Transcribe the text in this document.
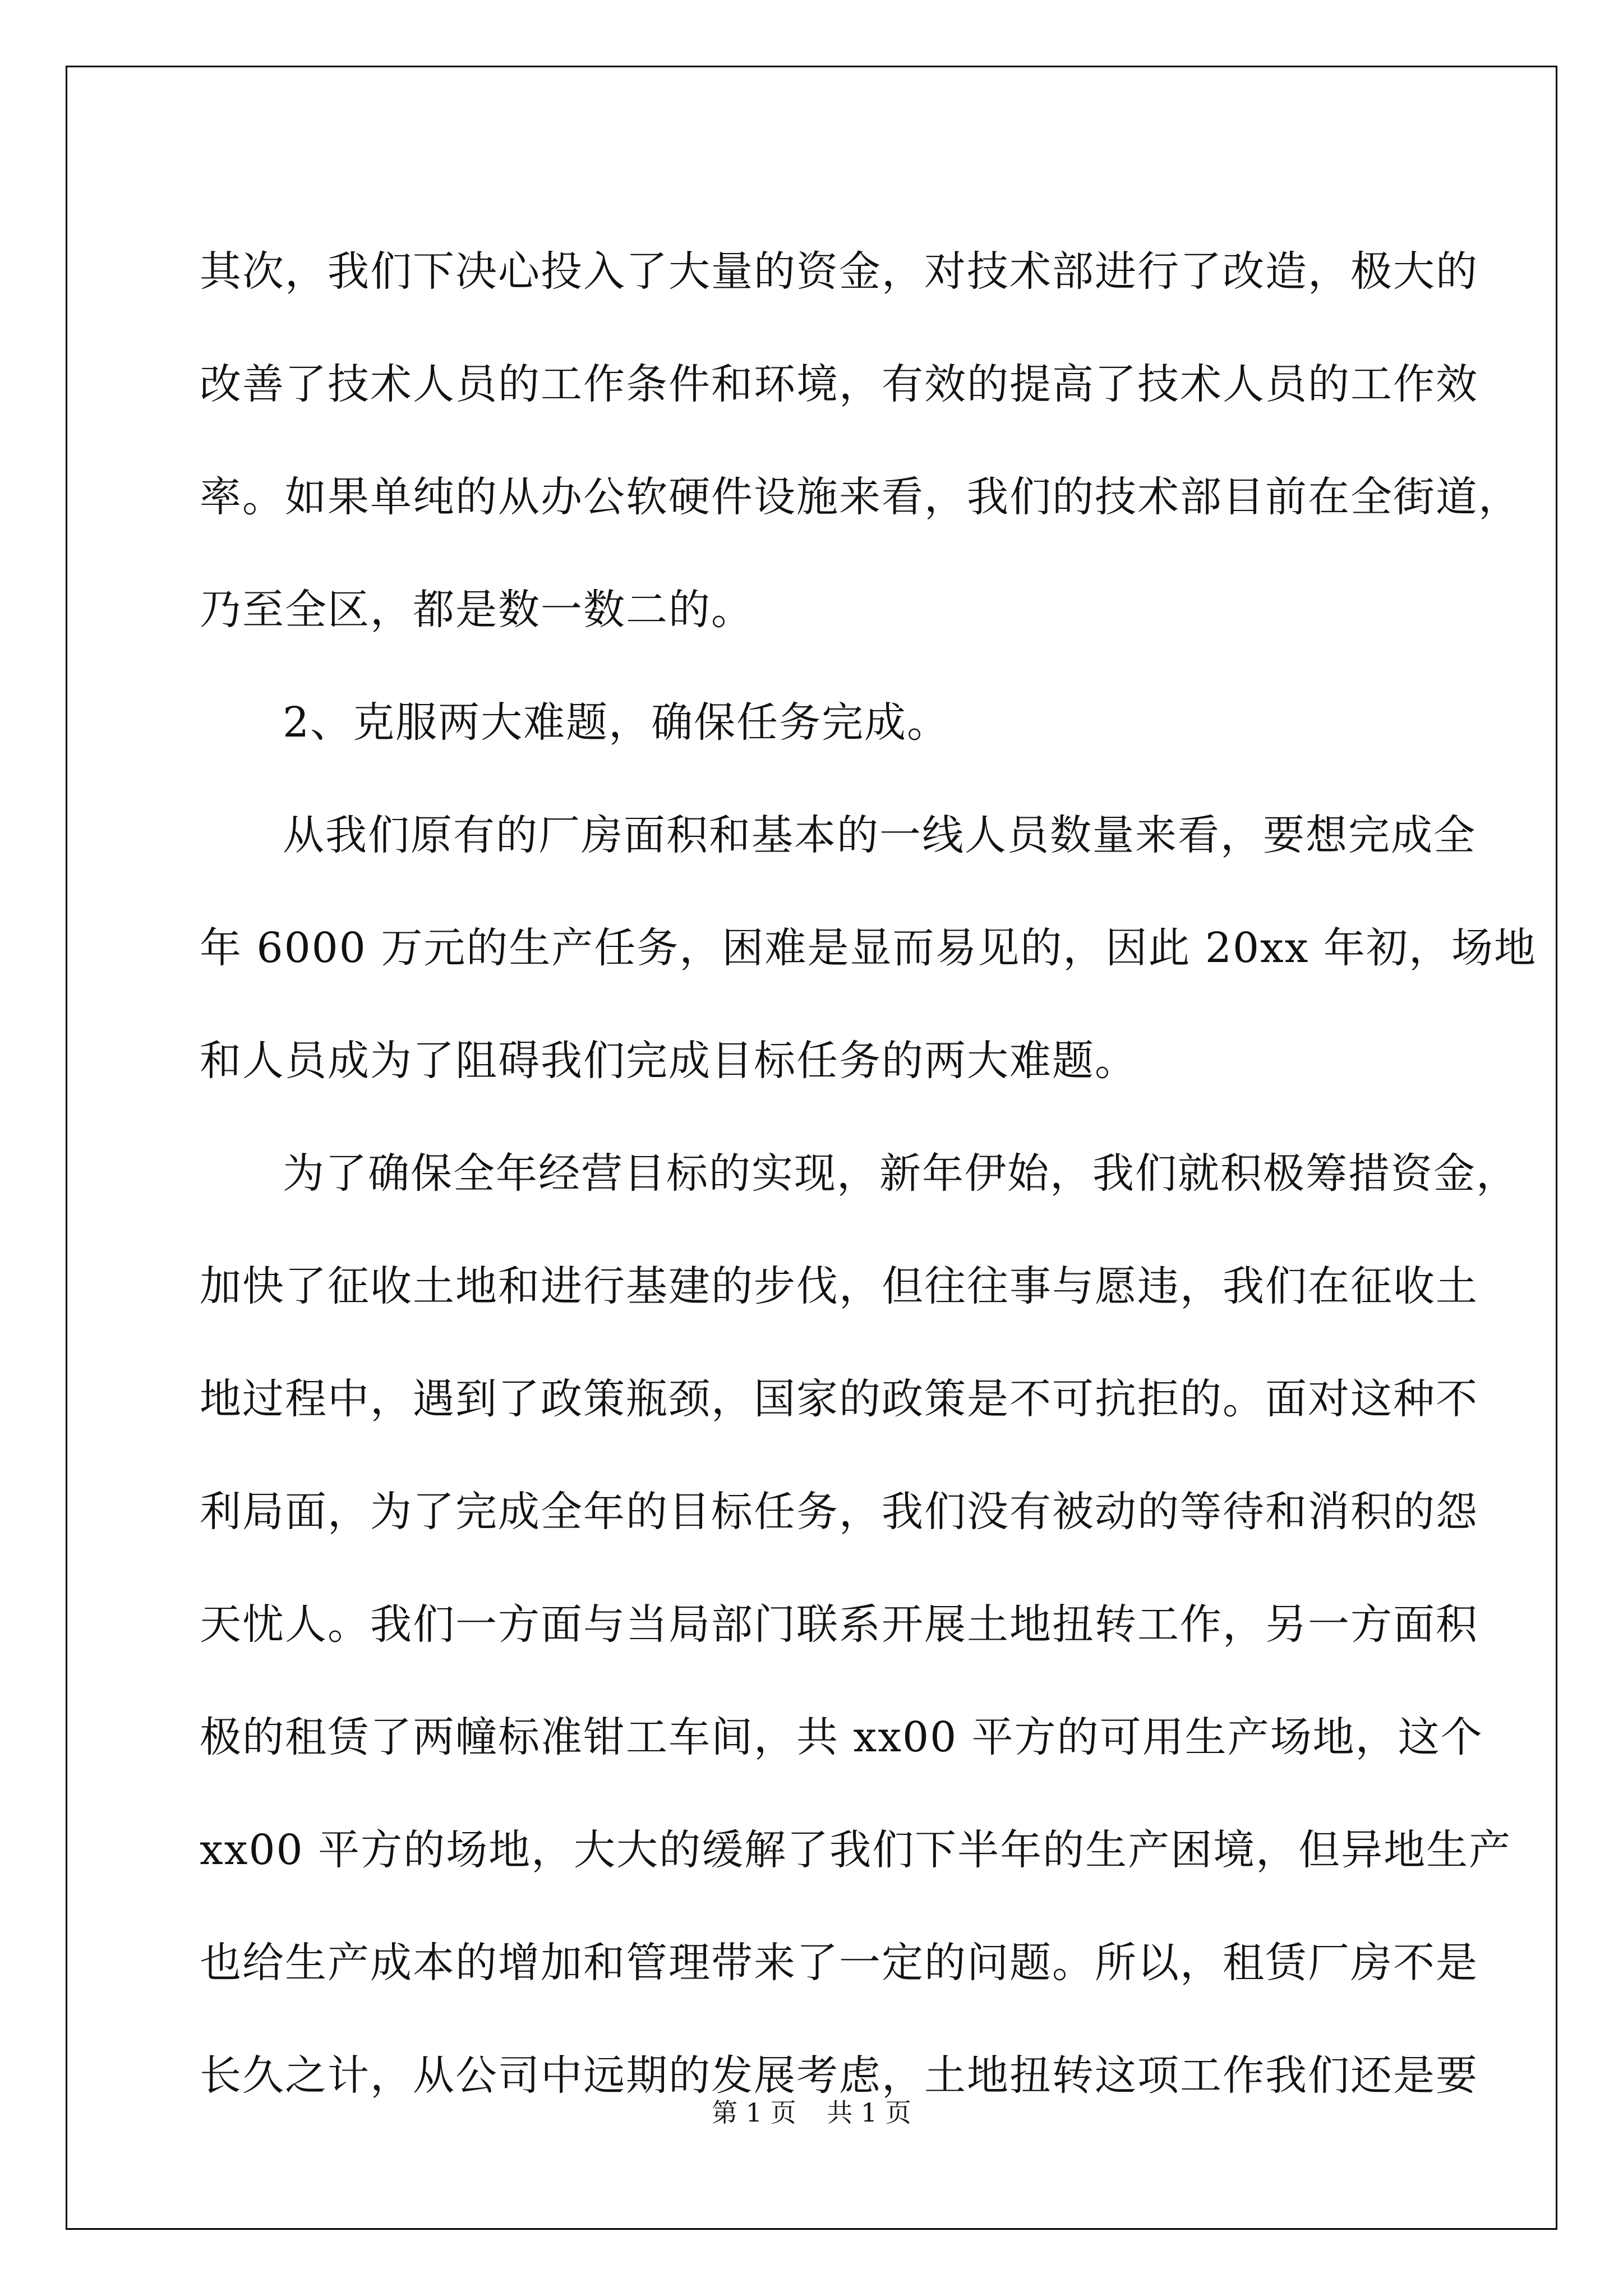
其次，我们下决心投入了大量的资金，对技术部进行了改造，极大的
改善了技术人员的工作条件和环境，有效的提高了技术人员的工作效
率。如果单纯的从办公软硬件设施来看，我们的技术部目前在全街道，
乃至全区，都是数一数二的。
2、克服两大难题，确保任务完成。
从我们原有的厂房面积和基本的一线人员数量来看，要想完成全
年 6000 万元的生产任务，困难是显而易见的，因此 20xx 年初，场地
和人员成为了阻碍我们完成目标任务的两大难题。
为了确保全年经营目标的实现，新年伊始，我们就积极筹措资金，
加快了征收土地和进行基建的步伐，但往往事与愿违，我们在征收土
地过程中，遇到了政策瓶颈，国家的政策是不可抗拒的。面对这种不
利局面，为了完成全年的目标任务，我们没有被动的等待和消积的怨
天忧人。我们一方面与当局部门联系开展土地扭转工作，另一方面积
极的租赁了两幢标准钳工车间，共 xx00 平方的可用生产场地，这个
xx00 平方的场地，大大的缓解了我们下半年的生产困境，但异地生产
也给生产成本的增加和管理带来了一定的问题。所以，租赁厂房不是
长久之计，从公司中远期的发展考虑，土地扭转这项工作我们还是要
第 1 页 共 1 页
